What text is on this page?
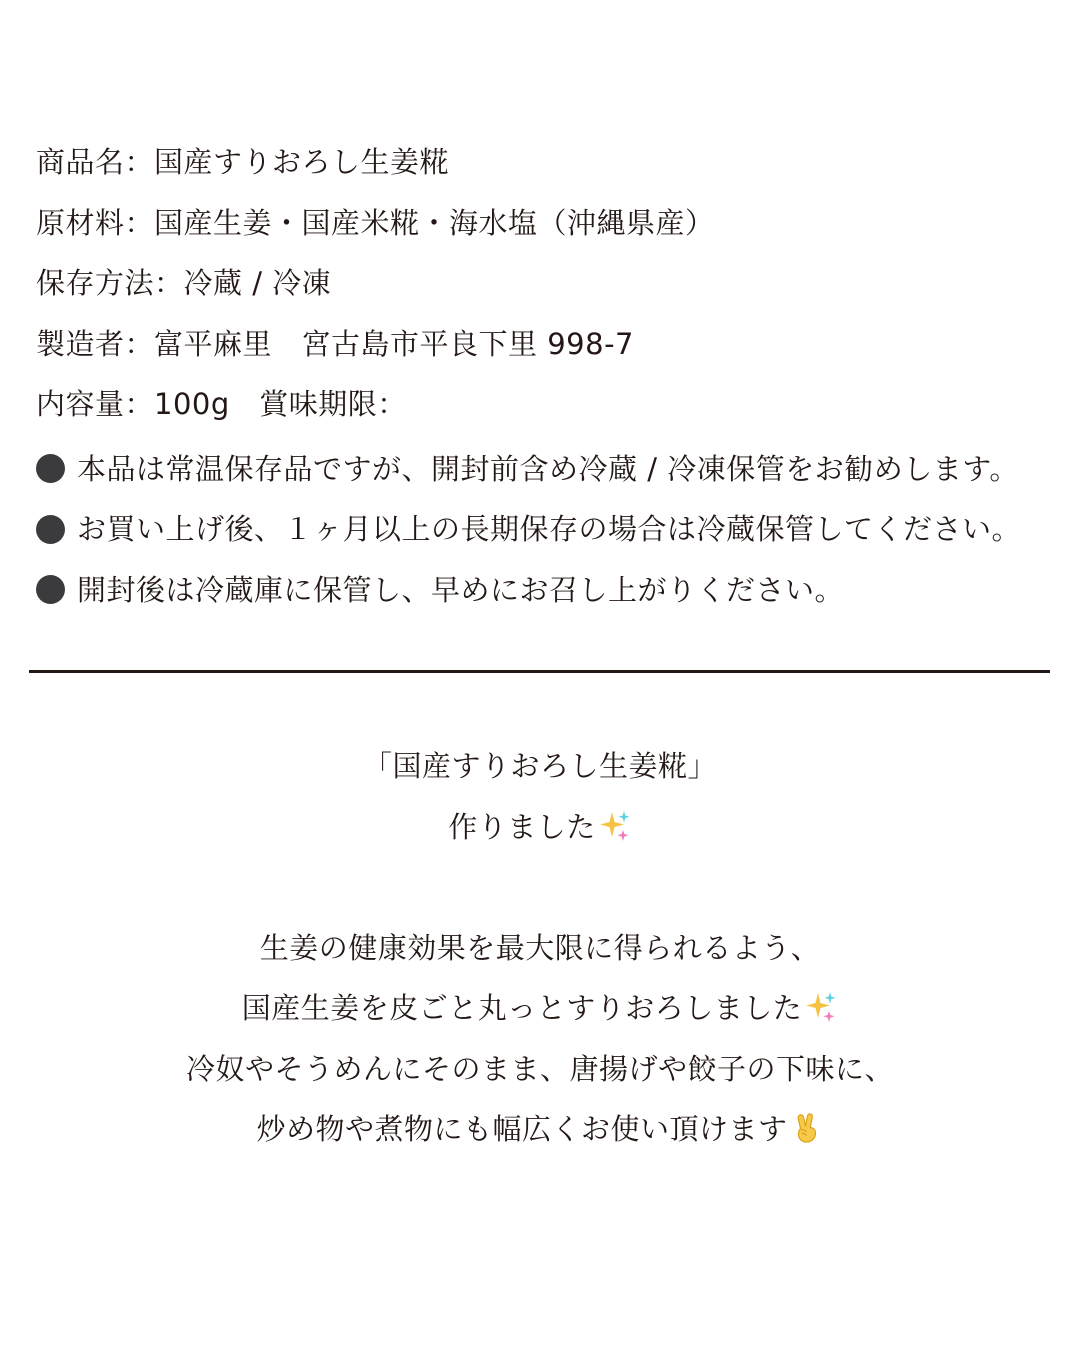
商品名：国産すりおろし生姜糀
原材料：国産生姜・国産米糀・海水塩（沖縄県産）
保存方法：冷蔵 / 冷凍
製造者：富平麻里　宮古島市平良下里 998-7
内容量：100g　賞味期限：
本品は常温保存品ですが、開封前含め冷蔵 / 冷凍保管をお勧めします。
お買い上げ後、１ヶ月以上の長期保存の場合は冷蔵保管してください。
開封後は冷蔵庫に保管し、早めにお召し上がりください。
「国産すりおろし生姜糀」
作りました
生姜の健康効果を最大限に得られるよう、
国産生姜を皮ごと丸っとすりおろしました
冷奴やそうめんにそのまま、唐揚げや餃子の下味に、
炒め物や煮物にも幅広くお使い頂けます
